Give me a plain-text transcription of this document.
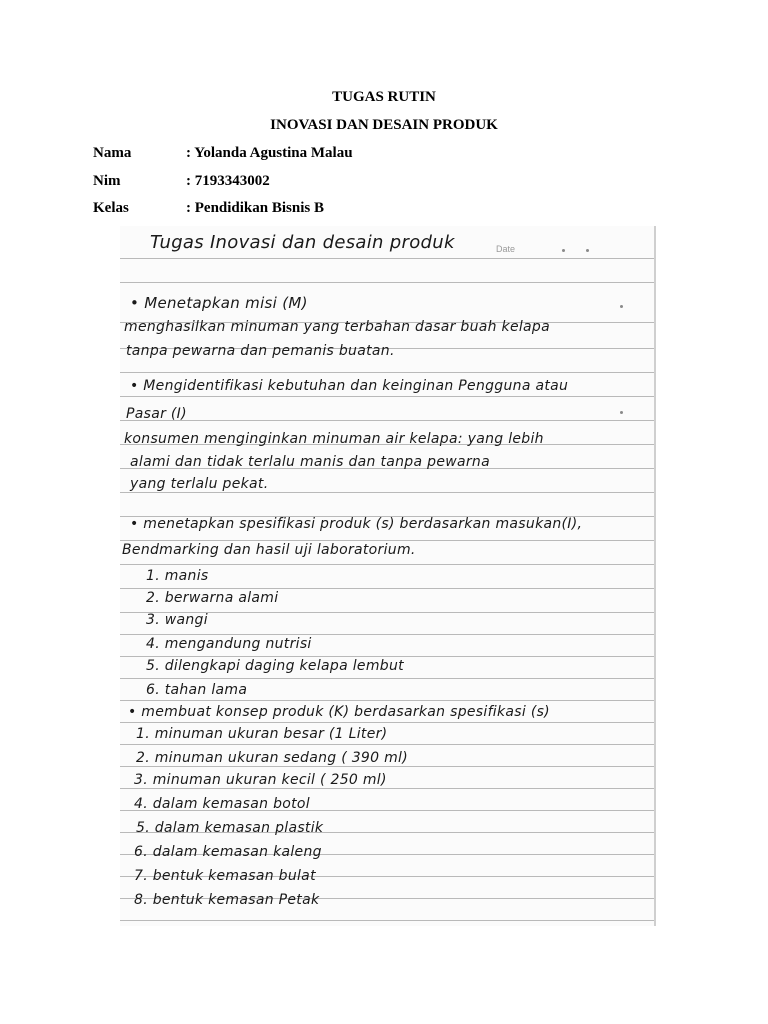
TUGAS RUTIN
INOVASI DAN DESAIN PRODUK
Nama	: Yolanda Agustina Malau
Nim	: 7193343002
Kelas	: Pendidikan Bisnis B
Date
Tugas Inovasi dan desain produk
• Menetapkan misi (M)
menghasilkan minuman yang terbahan dasar buah kelapa
tanpa pewarna dan pemanis buatan.
• Mengidentifikasi kebutuhan dan keinginan Pengguna atau
Pasar (I)
konsumen menginginkan minuman air kelapa: yang lebih
alami dan tidak terlalu manis dan tanpa pewarna
yang terlalu pekat.
• menetapkan spesifikasi produk (s) berdasarkan masukan(I),
Bendmarking dan hasil uji laboratorium.
1. manis
2. berwarna alami
3. wangi
4. mengandung nutrisi
5. dilengkapi daging kelapa lembut
6. tahan lama
• membuat konsep produk (K) berdasarkan spesifikasi (s)
1. minuman ukuran besar (1 Liter)
2. minuman ukuran sedang ( 390 ml)
3. minuman ukuran kecil ( 250 ml)
4. dalam kemasan botol
5. dalam kemasan plastik
6. dalam kemasan kaleng
7. bentuk kemasan bulat
8. bentuk kemasan Petak
